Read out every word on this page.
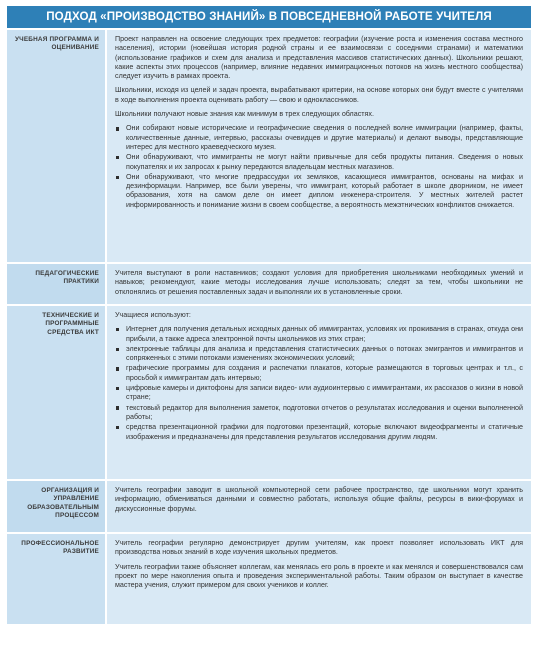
ПОДХОД «ПРОИЗВОДСТВО ЗНАНИЙ» В ПОВСЕДНЕВНОЙ РАБОТЕ УЧИТЕЛЯ
УЧЕБНАЯ ПРОГРАММА И ОЦЕНИВАНИЕ

Проект направлен на освоение следующих трех предметов: географии (изучение роста и изменения состава местного населения), истории (новейшая история родной страны и ее взаимосвязи с соседними странами) и математики (использование графиков и схем для анализа и представления массивов статистических данных). Школьники решают, какие аспекты этих процессов (например, влияние недавних иммиграционных потоков на жизнь местного сообщества) следует изучить в рамках проекта.

Школьники, исходя из целей и задач проекта, вырабатывают критерии, на основе которых они будут вместе с учителями в ходе выполнения проекта оценивать работу — свою и одноклассников.

Школьники получают новые знания как минимум в трех следующих областях.

Они собирают новые исторические и географические сведения о последней волне иммиграции (например, факты, количественные данные, интервью, рассказы очевидцев и другие материалы) и делают выводы, представляющие интерес для местного краеведческого музея.
Они обнаруживают, что иммигранты не могут найти привычные для себя продукты питания. Сведения о новых покупателях и их запросах к рынку передаются владельцам местных магазинов.
Они обнаруживают, что многие предрассудки их земляков, касающиеся иммигрантов, основаны на мифах и дезинформации. Например, все были уверены, что иммигрант, который работает в школе дворником, не имеет образования, хотя на самом деле он имеет диплом инженера-строителя. У местных жителей растет информированность и понимание жизни в своем сообществе, а вероятность межэтнических конфликтов снижается.
ПЕДАГОГИЧЕСКИЕ ПРАКТИКИ

Учителя выступают в роли наставников; создают условия для приобретения школьниками необходимых умений и навыков; рекомендуют, какие методы исследования лучше использовать; следят за тем, чтобы школьники не отклонялись от решения поставленных задач и выполняли их в установленные сроки.

ТЕХНИЧЕСКИЕ И ПРОГРАММНЫЕ СРЕДСТВА ИКТ

Учащиеся используют:

Интернет для получения детальных исходных данных об иммигрантах, условиях их проживания в странах, откуда они прибыли, а также адреса электронной почты школьников из этих стран;
электронные таблицы для анализа и представления статистических данных о потоках эмигрантов и иммигрантов и сопряженных с этими потоками изменениях экономических условий;
графические программы для создания и распечатки плакатов, которые размещаются в торговых центрах и т.п., с просьбой к иммигрантам дать интервью;
цифровые камеры и диктофоны для записи видео- или аудиоинтервью с иммигрантами, их рассказов о жизни в новой стране;
текстовый редактор для выполнения заметок, подготовки отчетов о результатах исследования и оценки выполненной работы;
средства презентационной графики для подготовки презентаций, которые включают видеофрагменты и статичные изображения и предназначены для представления результатов исследования другим людям.
ОРГАНИЗАЦИЯ И УПРАВЛЕНИЕ ОБРАЗОВАТЕЛЬНЫМ ПРОЦЕССОМ

Учитель географии заводит в школьной компьютерной сети рабочее пространство, где школьники могут хранить информацию, обмениваться данными и совместно работать, используя общие файлы, ресурсы в вики-форумах и дискуссионные форумы.

ПРОФЕССИОНАЛЬНОЕ РАЗВИТИЕ

Учитель географии регулярно демонстрирует другим учителям, как проект позволяет использовать ИКТ для производства новых знаний в ходе изучения школьных предметов.

Учитель географии также объясняет коллегам, как менялась его роль в проекте и как менялся и совершенствовался сам проект по мере накопления опыта и проведения экспериментальной работы. Таким образом он выступает в качестве мастера учения, служит примером для своих учеников и коллег.
